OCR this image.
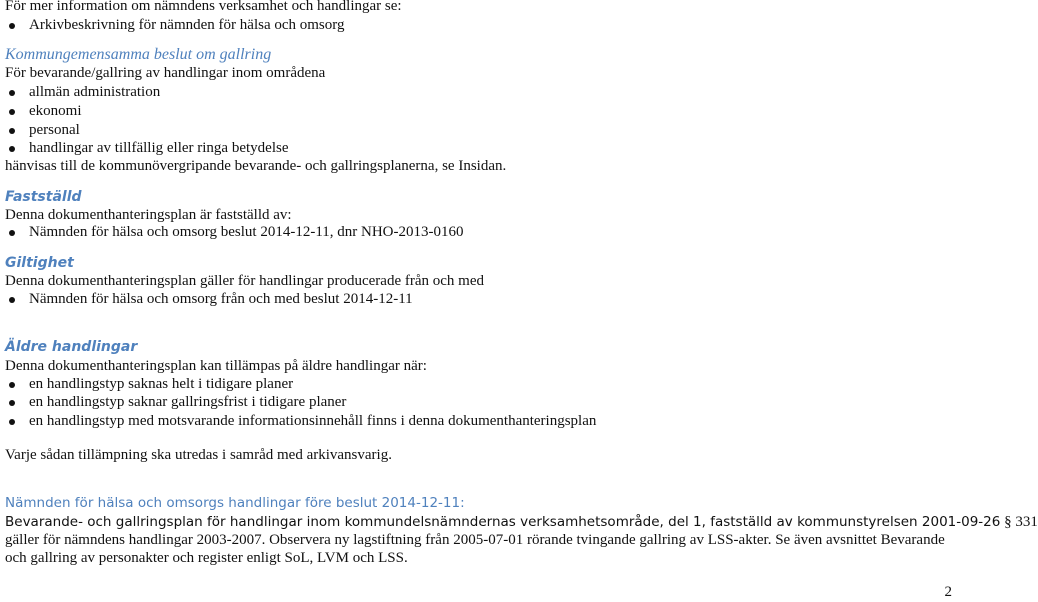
För mer information om nämndens verksamhet och handlingar se:
Arkivbeskrivning för nämnden för hälsa och omsorg
Kommungemensamma beslut om gallring
För bevarande/gallring av handlingar inom områdena
allmän administration
ekonomi
personal
handlingar av tillfällig eller ringa betydelse
hänvisas till de kommunövergripande bevarande- och gallringsplanerna, se Insidan.
Fastställd
Denna dokumenthanteringsplan är fastställd av:
Nämnden för hälsa och omsorg beslut 2014-12-11, dnr NHO-2013-0160
Giltighet
Denna dokumenthanteringsplan gäller för handlingar producerade från och med
Nämnden för hälsa och omsorg från och med beslut 2014-12-11
Äldre handlingar
Denna dokumenthanteringsplan kan tillämpas på äldre handlingar när:
en handlingstyp saknas helt i tidigare planer
en handlingstyp saknar gallringsfrist i tidigare planer
en handlingstyp med motsvarande informationsinnehåll finns i denna dokumenthanteringsplan
Varje sådan tillämpning ska utredas i samråd med arkivansvarig.
Nämnden för hälsa och omsorgs handlingar före beslut 2014-12-11:
Bevarande- och gallringsplan för handlingar inom kommundelsnämndernas verksamhetsområde, del 1, fastställd av kommunstyrelsen 2001-09-26 § 331
gäller för nämndens handlingar 2003-2007. Observera ny lagstiftning från 2005-07-01 rörande tvingande gallring av LSS-akter. Se även avsnittet Bevarande
och gallring av personakter och register enligt SoL, LVM och LSS.
2
